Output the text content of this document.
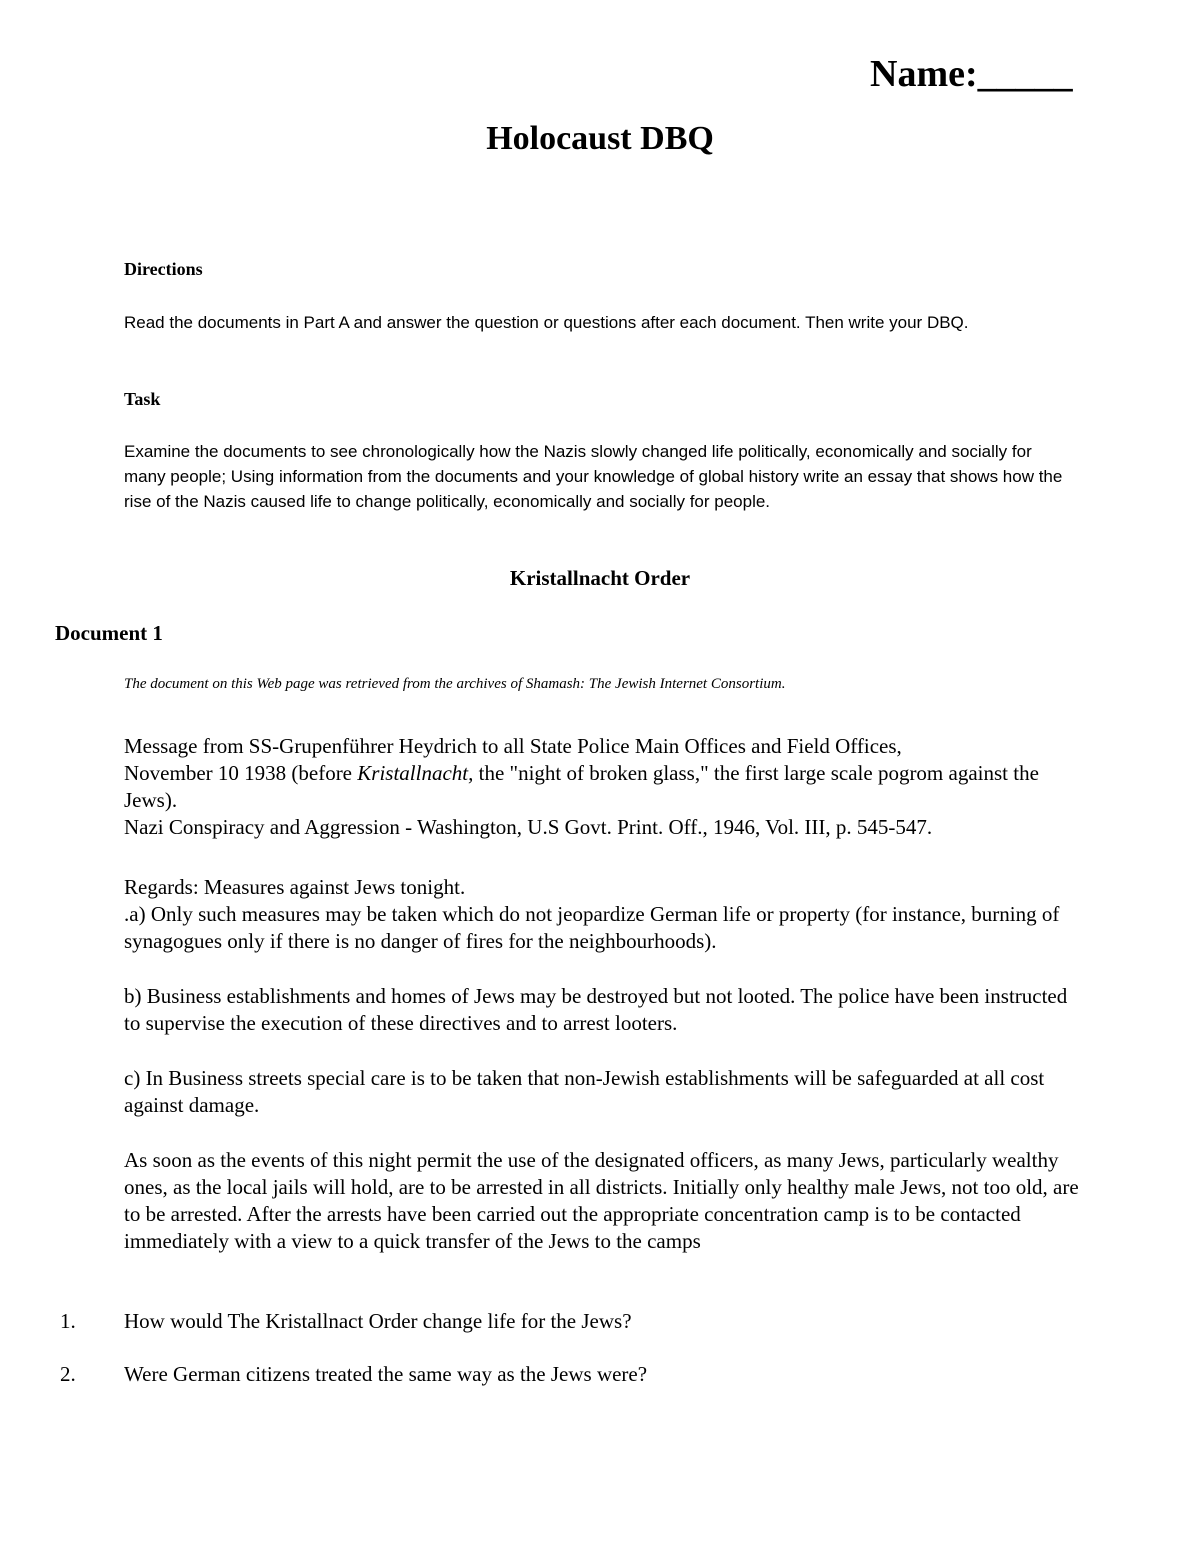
Name:_____
Holocaust DBQ
Directions
Read the documents in Part A and answer the question or questions after each document. Then write your DBQ.
Task
Examine the documents to see chronologically how the Nazis slowly changed life politically, economically and socially for many people; Using information from the documents and your knowledge of global history write an essay that shows how the rise of the Nazis caused life to change politically, economically and socially for people.
Kristallnacht Order
Document 1
The document on this Web page was retrieved from the archives of Shamash: The Jewish Internet Consortium.
Message from SS-Grupenführer Heydrich to all State Police Main Offices and Field Offices,
November 10 1938 (before Kristallnacht, the "night of broken glass," the first large scale pogrom against the Jews).
Nazi Conspiracy and Aggression - Washington, U.S Govt. Print. Off., 1946, Vol. III, p. 545-547.
Regards: Measures against Jews tonight.
.a) Only such measures may be taken which do not jeopardize German life or property (for instance, burning of synagogues only if there is no danger of fires for the neighbourhoods).
b) Business establishments and homes of Jews may be destroyed but not looted. The police have been instructed to supervise the execution of these directives and to arrest looters.
c) In Business streets special care is to be taken that non-Jewish establishments will be safeguarded at all cost against damage.
As soon as the events of this night permit the use of the designated officers, as many Jews, particularly wealthy ones, as the local jails will hold, are to be arrested in all districts. Initially only healthy male Jews, not too old, are to be arrested. After the arrests have been carried out the appropriate concentration camp is to be contacted immediately with a view to a quick transfer of the Jews to the camps
1. How would The Kristallnact Order change life for the Jews?
2. Were German citizens treated the same way as the Jews were?
